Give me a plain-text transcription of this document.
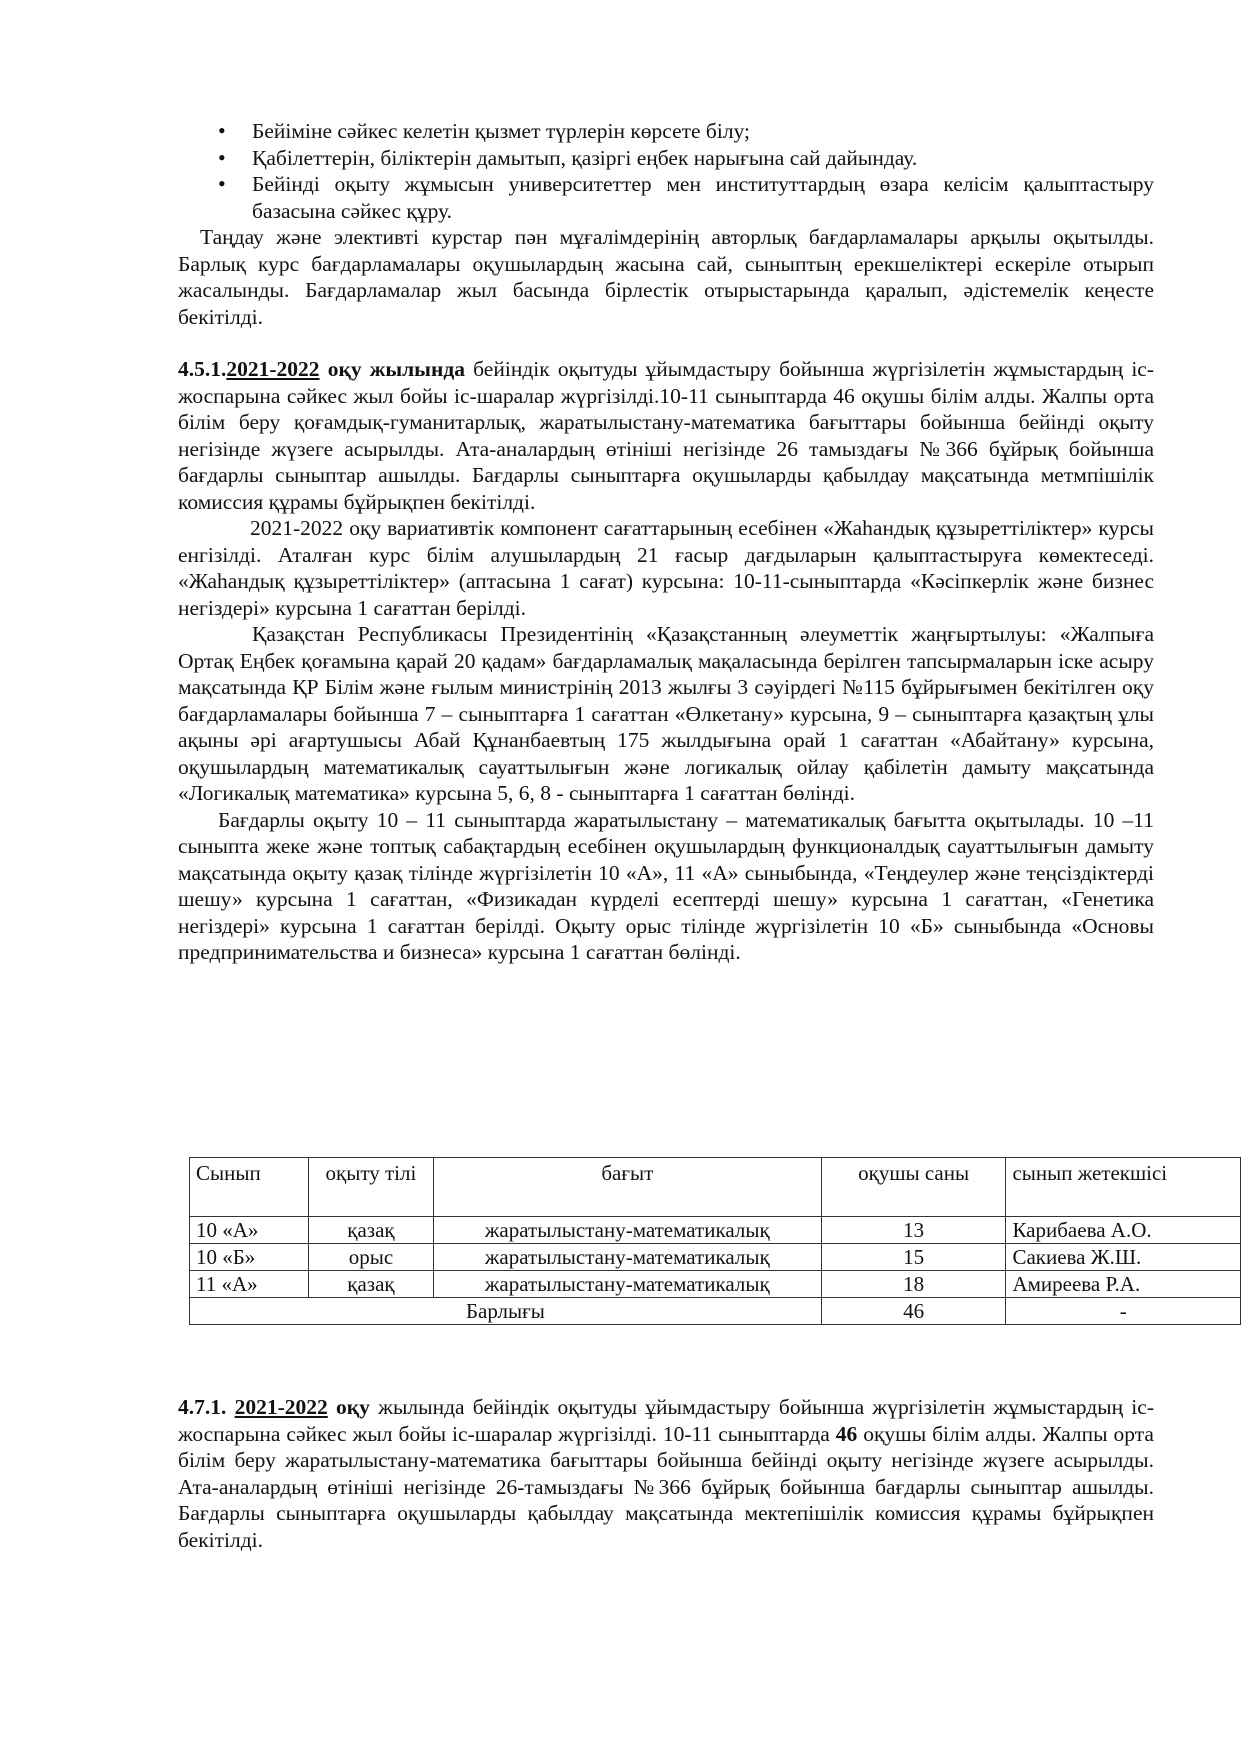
• Бейіміне сәйкес келетін қызмет түрлерін көрсете білу;
• Қабілеттерін, біліктерін дамытып, қазіргі еңбек нарығына сай дайындау.
• Бейінді оқыту жұмысын университеттер мен институттардың өзара келісім қалыптастыру базасына сәйкес құру.

Таңдау және элективті курстар пән мұғалімдерінің авторлық бағдарламалары арқылы оқытылды. Барлық курс бағдарламалары оқушылардың жасына сай, сыныптың ерекшеліктері ескеріле отырып жасалынды. Бағдарламалар жыл басында бірлестік отырыстарында қаралып, әдістемелік кеңесте бекітілді.

4.5.1.2021-2022 оқу жылында бейіндік оқытуды ұйымдастыру бойынша жүргізілетін жұмыстардың іс-жоспарына сәйкес жыл бойы іс-шаралар жүргізілді.10-11 сыныптарда 46 оқушы білім алды. Жалпы орта білім беру қоғамдық-гуманитарлық, жаратылыстану-математика бағыттары бойынша бейінді оқыту негізінде жүзеге асырылды. Ата-аналардың өтініші негізінде 26 тамыздағы №366 бұйрық бойынша бағдарлы сыныптар ашылды. Бағдарлы сыныптарға оқушыларды қабылдау мақсатында метмпішілік комиссия құрамы бұйрықпен бекітілді.

2021-2022 оқу вариативтік компонент сағаттарының есебінен «Жаһандық құзыреттіліктер» курсы енгізілді. Аталған курс білім алушылардың 21 ғасыр дағдыларын қалыптастыруға көмектеседі. «Жаһандық құзыреттіліктер» (аптасына 1 сағат) курсына: 10-11-сыныптарда «Кәсіпкерлік және бизнес негіздері» курсына 1 сағаттан берілді.

Қазақстан Республикасы Президентінің «Қазақстанның әлеуметтік жаңғыртылуы: «Жалпыға Ортақ Еңбек қоғамына қарай 20 қадам» бағдарламалық мақаласында берілген тапсырмаларын іске асыру мақсатында ҚР Білім және ғылым министрінің 2013 жылғы 3 сәуірдегі №115 бұйрығымен бекітілген оқу бағдарламалары бойынша 7 – сыныптарға 1 сағаттан «Өлкетану» курсына, 9 – сыныптарға қазақтың ұлы ақыны әрі ағартушысы Абай Құнанбаевтың 175 жылдығына орай 1 сағаттан «Абайтану» курсына, оқушылардың математикалық сауаттылығын және логикалық ойлау қабілетін дамыту мақсатында «Логикалық математика» курсына 5, 6, 8 - сыныптарға 1 сағаттан бөлінді.

Бағдарлы оқыту 10 – 11 сыныптарда жаратылыстану – математикалық бағытта оқытылады. 10 –11 сыныпта жеке және топтық сабақтардың есебінен оқушылардың функционалдық сауаттылығын дамыту мақсатында оқыту қазақ тілінде жүргізілетін 10 «А», 11 «А» сыныбында, «Теңдеулер және теңсіздіктерді шешу» курсына 1 сағаттан, «Физикадан күрделі есептерді шешу» курсына 1 сағаттан, «Генетика негіздері» курсына 1 сағаттан берілді. Оқыту орыс тілінде жүргізілетін 10 «Б» сыныбында «Основы предпринимательства и бизнеса» курсына 1 сағаттан бөлінді.

Сынып	оқыту тілі	бағыт	оқушы саны	сынып жетекшісі
10 «А»	қазақ	жаратылыстану-математикалық	13	Карибаева А.О.
10 «Б»	орыс	жаратылыстану-математикалық	15	Сакиева Ж.Ш.
11 «А»	қазақ	жаратылыстану-математикалық	18	Амиреева Р.А.
Барлығы			46	-

4.7.1. 2021-2022 оқу жылында бейіндік оқытуды ұйымдастыру бойынша жүргізілетін жұмыстардың іс-жоспарына сәйкес жыл бойы іс-шаралар жүргізілді. 10-11 сыныптарда 46 оқушы білім алды. Жалпы орта білім беру жаратылыстану-математика бағыттары бойынша бейінді оқыту негізінде жүзеге асырылды. Ата-аналардың өтініші негізінде 26-тамыздағы №366 бұйрық бойынша бағдарлы сыныптар ашылды. Бағдарлы сыныптарға оқушыларды қабылдау мақсатында мектепішілік комиссия құрамы бұйрықпен бекітілді.
